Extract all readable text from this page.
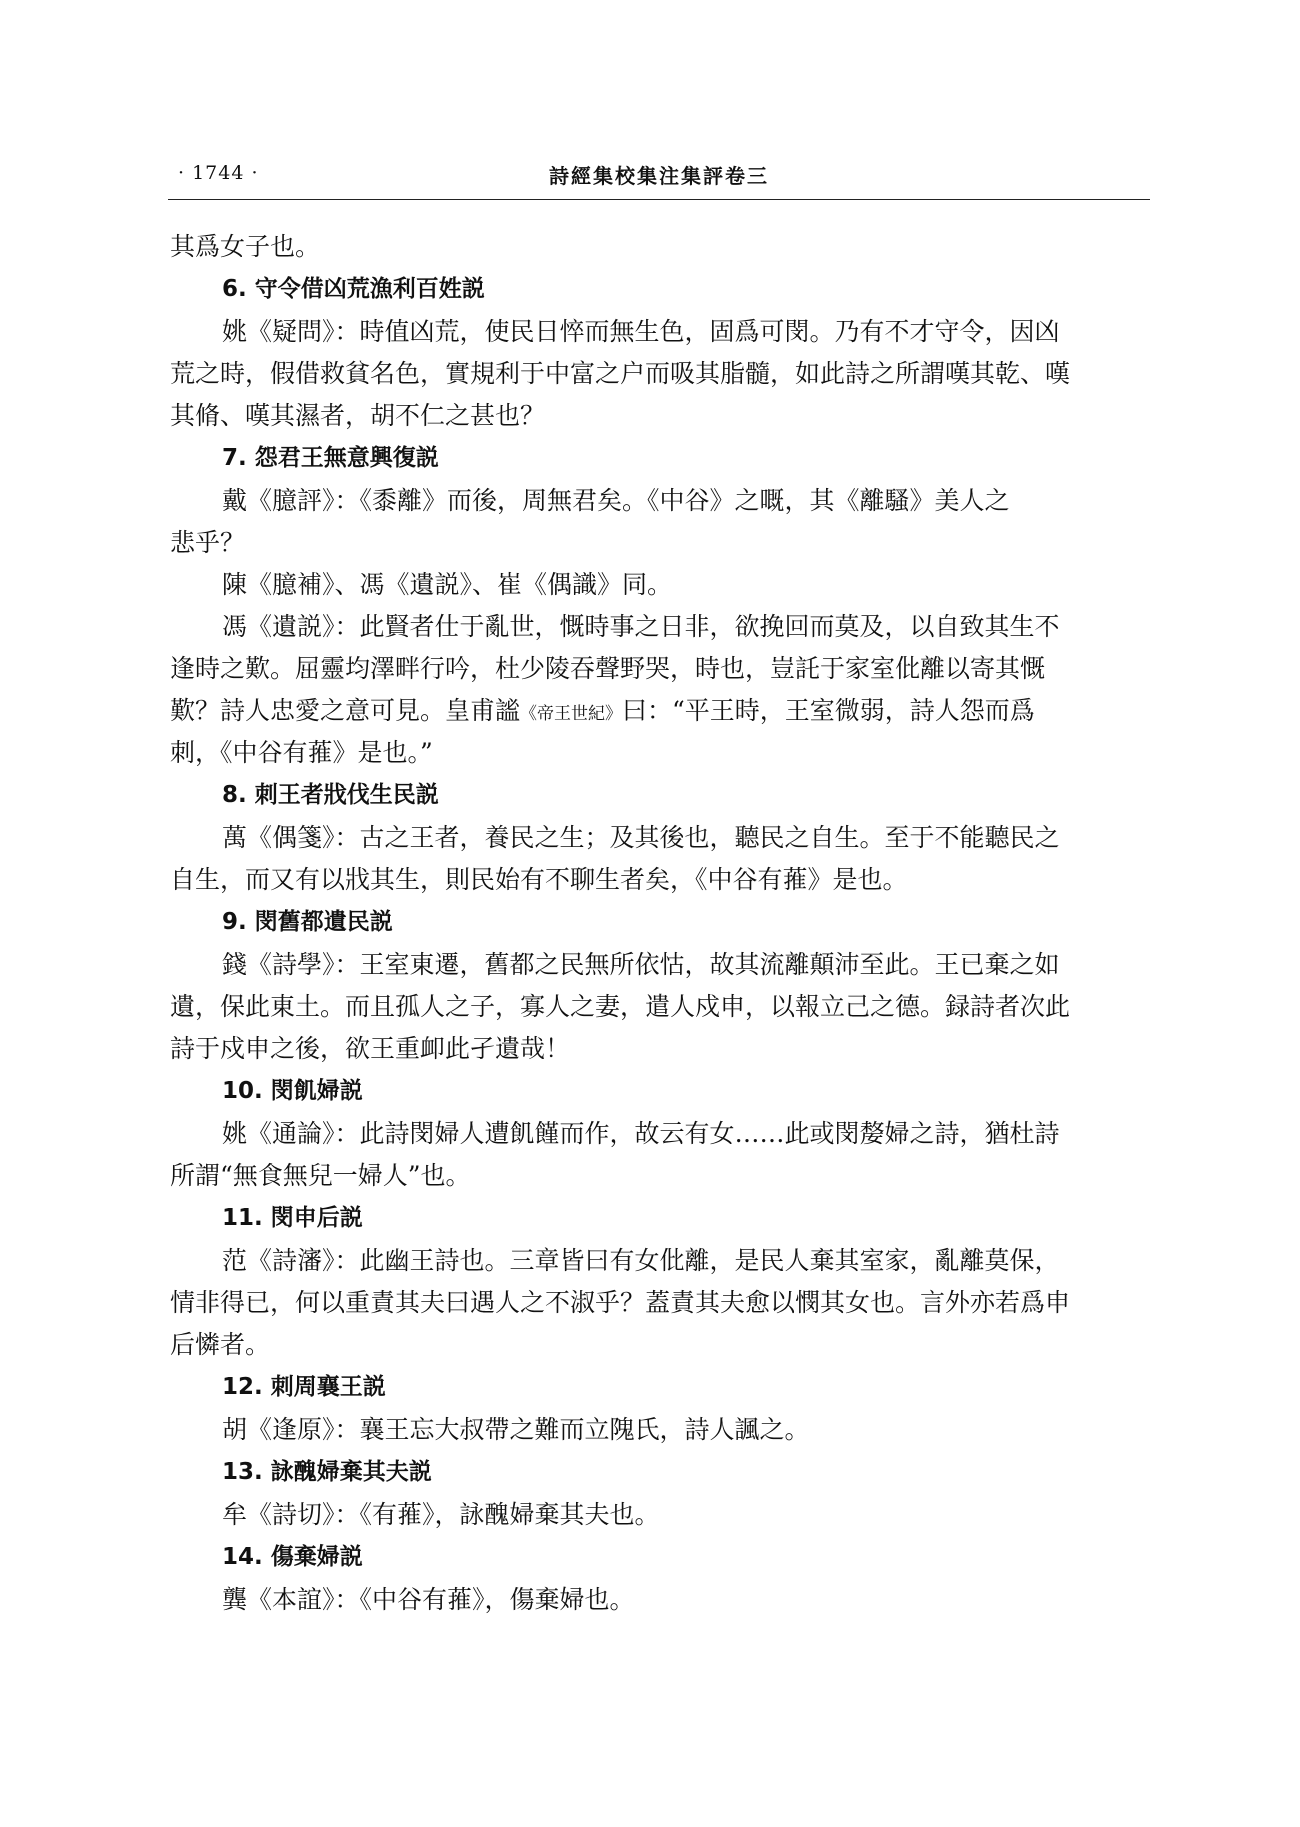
· 1744 ·	詩經集校集注集評卷三
其爲女子也。
6. 守令借凶荒漁利百姓説
姚《疑問》：時值凶荒，使民日悴而無生色，固爲可閔。乃有不才守令，因凶
荒之時，假借救貧名色，實規利于中富之户而吸其脂髓，如此詩之所謂嘆其乾、嘆
其脩、嘆其濕者，胡不仁之甚也？
7. 怨君王無意興復説
戴《臆評》：《黍離》而後，周無君矣。《中谷》之嘅，其《離騷》美人之
悲乎？
陳《臆補》、馮《遺説》、崔《偶識》同。
馮《遺説》：此賢者仕于亂世，慨時事之日非，欲挽回而莫及，以自致其生不
逢時之歎。屈靈均澤畔行吟，杜少陵吞聲野哭，時也，豈託于家室仳離以寄其慨
歎？詩人忠愛之意可見。皇甫謐《帝王世紀》曰：“平王時，王室微弱，詩人怨而爲
刺，《中谷有蓷》是也。”
8. 刺王者戕伐生民説
萬《偶箋》：古之王者，養民之生；及其後也，聽民之自生。至于不能聽民之
自生，而又有以戕其生，則民始有不聊生者矣，《中谷有蓷》是也。
9. 閔舊都遺民説
錢《詩學》：王室東遷，舊都之民無所依怙，故其流離顛沛至此。王已棄之如
遺，保此東土。而且孤人之子，寡人之妻，遣人戍申，以報立己之德。録詩者次此
詩于戍申之後，欲王重卹此孑遺哉！
10. 閔飢婦説
姚《通論》：此詩閔婦人遭飢饉而作，故云有女……此或閔嫠婦之詩，猶杜詩
所謂“無食無兒一婦人”也。
11. 閔申后説
范《詩瀋》：此幽王詩也。三章皆曰有女仳離，是民人棄其室家，亂離莫保，
情非得已，何以重責其夫曰遇人之不淑乎？蓋責其夫愈以憫其女也。言外亦若爲申
后憐者。
12. 刺周襄王説
胡《逢原》：襄王忘大叔帶之難而立隗氏，詩人諷之。
13. 詠醜婦棄其夫説
牟《詩切》：《有蓷》，詠醜婦棄其夫也。
14. 傷棄婦説
龔《本誼》：《中谷有蓷》，傷棄婦也。
